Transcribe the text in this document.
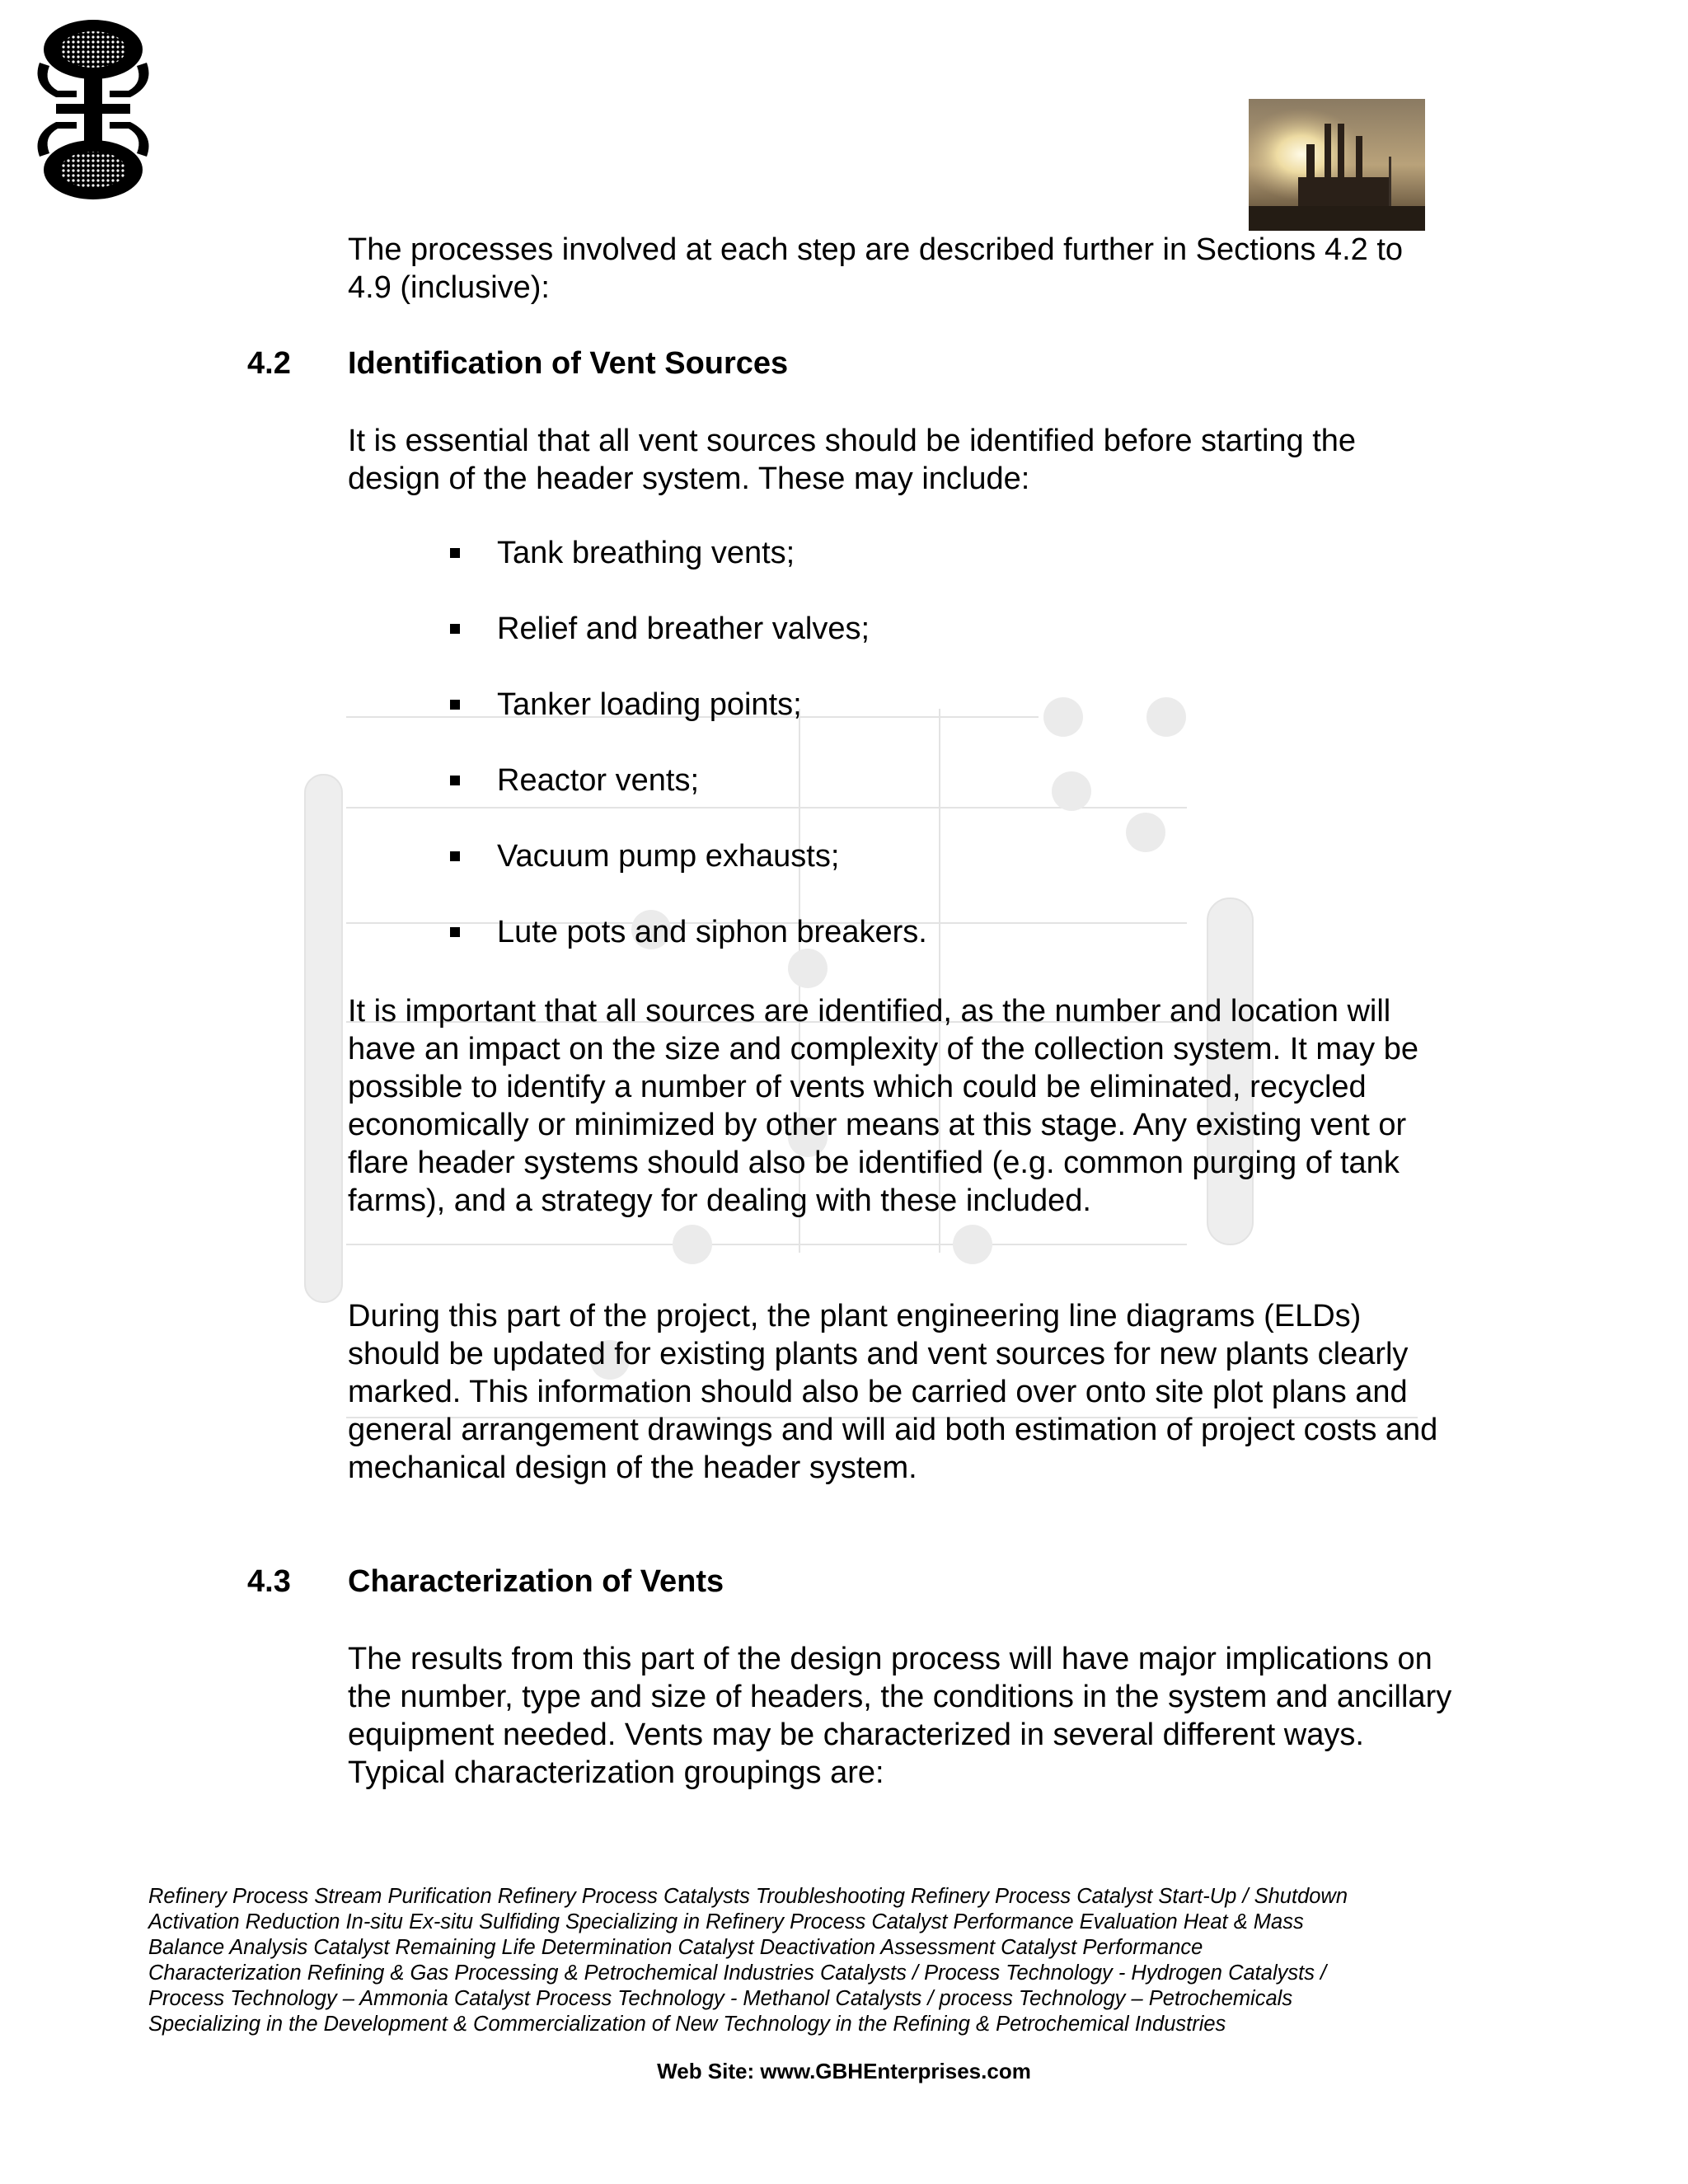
The processes involved at each step are described further in Sections 4.2 to 4.9 (inclusive):
4.2 Identification of Vent Sources
It is essential that all vent sources should be identified before starting the design of the header system. These may include:
Tank breathing vents;
Relief and breather valves;
Tanker loading points;
Reactor vents;
Vacuum pump exhausts;
Lute pots and siphon breakers.
It is important that all sources are identified, as the number and location will have an impact on the size and complexity of the collection system. It may be possible to identify a number of vents which could be eliminated, recycled economically or minimized by other means at this stage. Any existing vent or flare header systems should also be identified (e.g. common purging of tank farms), and a strategy for dealing with these included.
During this part of the project, the plant engineering line diagrams (ELDs) should be updated for existing plants and vent sources for new plants clearly marked. This information should also be carried over onto site plot plans and general arrangement drawings and will aid both estimation of project costs and mechanical design of the header system.
4.3 Characterization of Vents
The results from this part of the design process will have major implications on the number, type and size of headers, the conditions in the system and ancillary equipment needed. Vents may be characterized in several different ways. Typical characterization groupings are:
Refinery Process Stream Purification Refinery Process Catalysts Troubleshooting Refinery Process Catalyst Start-Up / Shutdown
Activation Reduction In-situ Ex-situ Sulfiding Specializing in Refinery Process Catalyst Performance Evaluation Heat & Mass
Balance Analysis Catalyst Remaining Life Determination Catalyst Deactivation Assessment Catalyst Performance
Characterization Refining & Gas Processing & Petrochemical Industries Catalysts / Process Technology - Hydrogen Catalysts /
Process Technology – Ammonia Catalyst Process Technology - Methanol Catalysts / process Technology – Petrochemicals
Specializing in the Development & Commercialization of New Technology in the Refining & Petrochemical Industries
Web Site: www.GBHEnterprises.com
